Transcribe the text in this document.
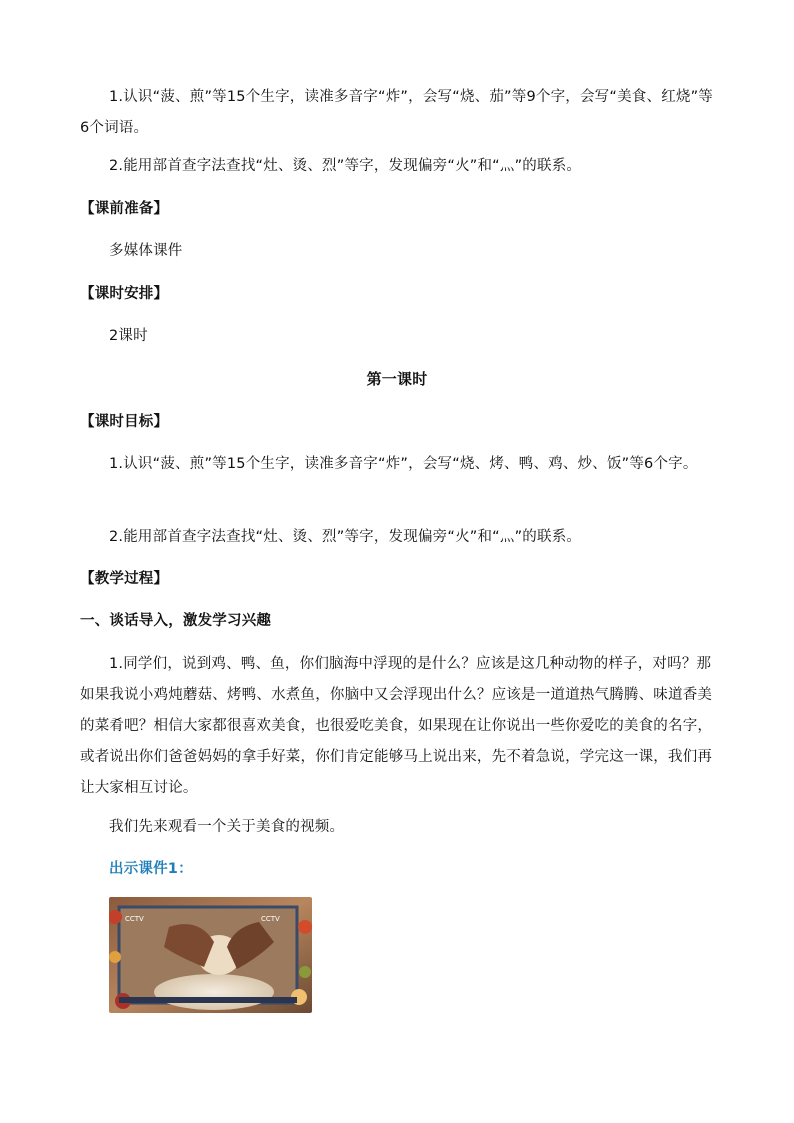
1.认识“菠、煎”等15个生字，读准多音字“炸”，会写“烧、茄”等9个字，会写“美食、红烧”等6个词语。

2.能用部首查字法查找“灶、烫、烈”等字，发现偏旁“火”和“灬”的联系。

【课前准备】

多媒体课件

【课时安排】

2课时

第一课时

【课时目标】

1.认识“菠、煎”等15个生字，读准多音字“炸”，会写“烧、烤、鸭、鸡、炒、饭”等6个字。

2.能用部首查字法查找“灶、烫、烈”等字，发现偏旁“火”和“灬”的联系。

【教学过程】

一、谈话导入，激发学习兴趣

1.同学们，说到鸡、鸭、鱼，你们脑海中浮现的是什么？应该是这几种动物的样子，对吗？那如果我说小鸡炖蘑菇、烤鸭、水煮鱼，你脑中又会浮现出什么？应该是一道道热气腾腾、味道香美的菜肴吧？相信大家都很喜欢美食，也很爱吃美食，如果现在让你说出一些你爱吃的美食的名字，或者说出你们爸爸妈妈的拿手好菜，你们肯定能够马上说出来，先不着急说，学完这一课，我们再让大家相互讨论。

我们先来观看一个关于美食的视频。

出示课件1：

CCTV	CCTV
